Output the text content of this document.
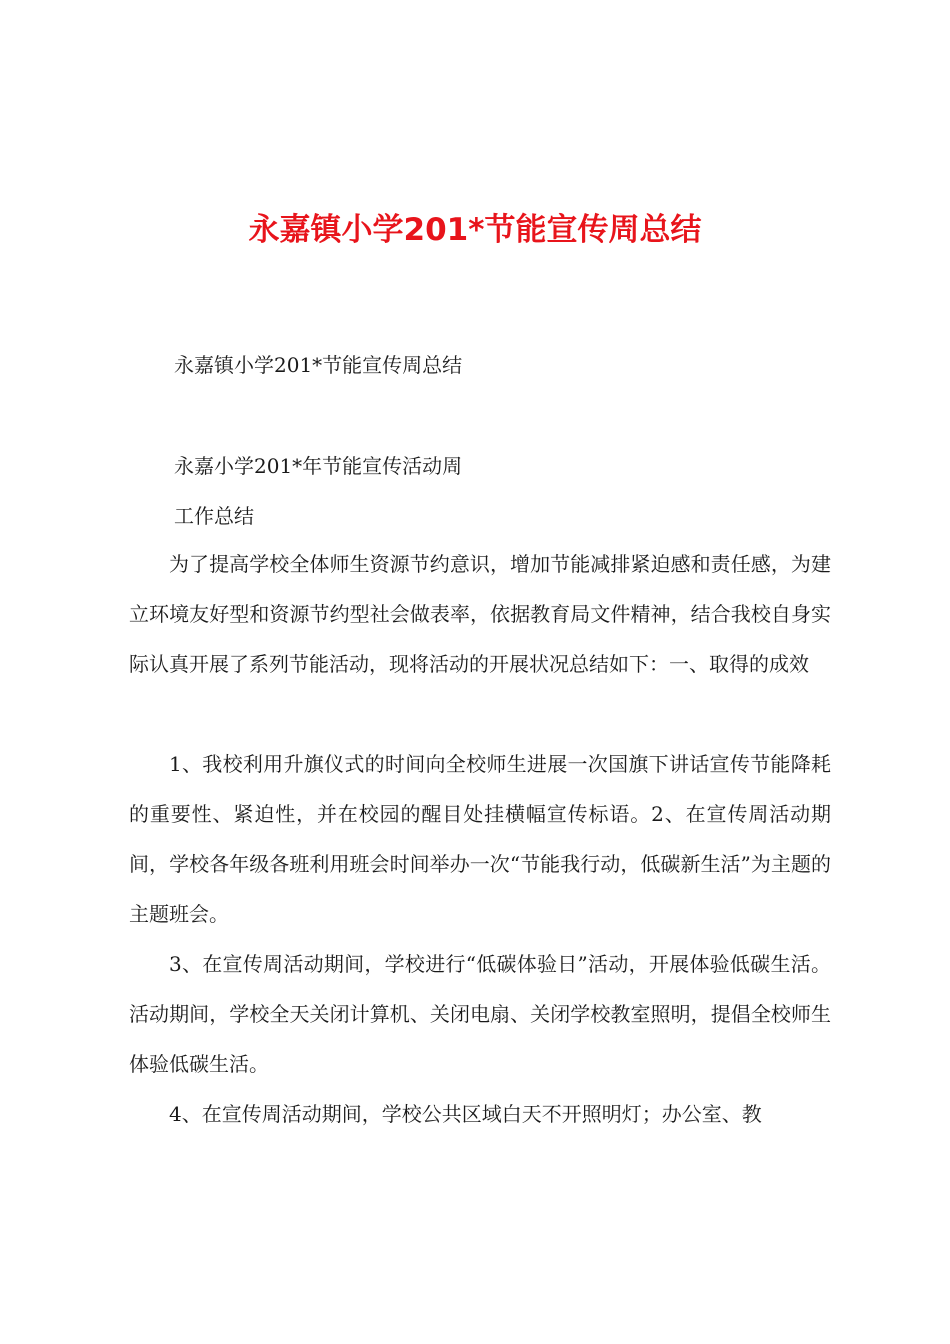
永嘉镇小学201*节能宣传周总结

永嘉镇小学201*节能宣传周总结

永嘉小学201*年节能宣传活动周

工作总结

为了提高学校全体师生资源节约意识，增加节能减排紧迫感和责任感，为建立环境友好型和资源节约型社会做表率，依据教育局文件精神，结合我校自身实际认真开展了系列节能活动，现将活动的开展状况总结如下：一、取得的成效

1、我校利用升旗仪式的时间向全校师生进展一次国旗下讲话宣传节能降耗的重要性、紧迫性，并在校园的醒目处挂横幅宣传标语。2、在宣传周活动期间，学校各年级各班利用班会时间举办一次“节能我行动，低碳新生活”为主题的主题班会。

3、在宣传周活动期间，学校进行“低碳体验日”活动，开展体验低碳生活。活动期间，学校全天关闭计算机、关闭电扇、关闭学校教室照明，提倡全校师生体验低碳生活。

4、在宣传周活动期间，学校公共区域白天不开照明灯；办公室、教
